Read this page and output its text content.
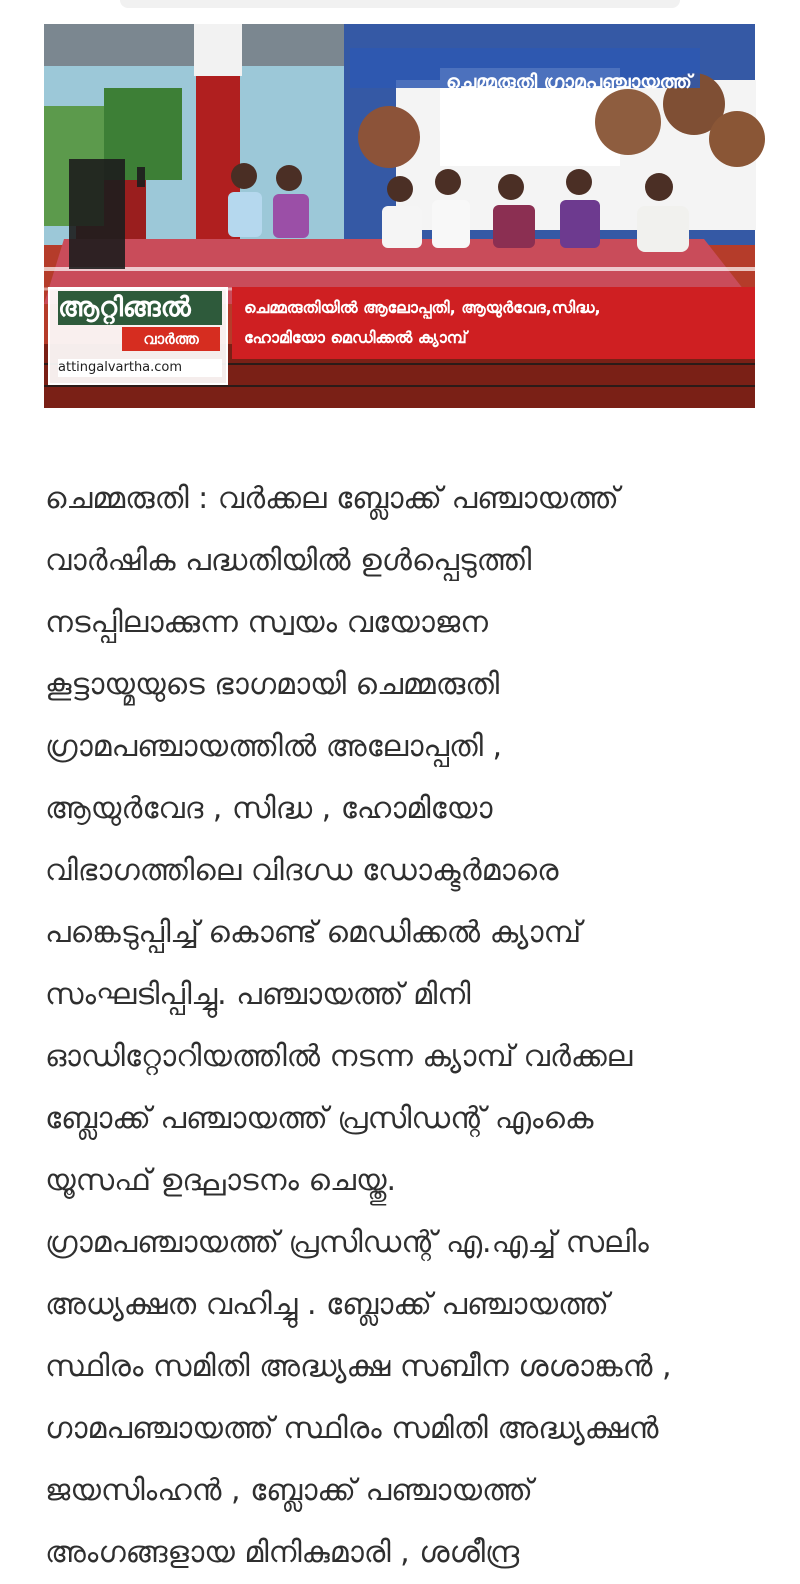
ചെമ്മരുതി ഗ്രാമപഞ്ചായത്ത്
ആറ്റിങ്ങൽ
വാർത്ത
attingalvartha.com
ചെമ്മരുതിയിൽ ആലോപ്പതി, ആയുർവേദ,സിദ്ധ,
ഹോമിയോ മെഡിക്കൽ ക്യാമ്പ്
ചെമ്മരുതി : വർക്കല ബ്ലോക്ക് പഞ്ചായത്ത്
വാർഷിക പദ്ധതിയിൽ ഉൾപ്പെടുത്തി
നടപ്പിലാക്കുന്ന സ്വയം വയോജന
കൂട്ടായ്മയുടെ ഭാഗമായി ചെമ്മരുതി
ഗ്രാമപഞ്ചായത്തിൽ അലോപ്പതി ,
ആയുർവേദ , സിദ്ധ , ഹോമിയോ
വിഭാഗത്തിലെ വിദഗ്ധ ഡോക്ടർമാരെ
പങ്കെടുപ്പിച്ച് കൊണ്ട് മെഡിക്കൽ ക്യാമ്പ്
സംഘടിപ്പിച്ചു. പഞ്ചായത്ത് മിനി
ഓഡിറ്റോറിയത്തിൽ നടന്ന ക്യാമ്പ് വർക്കല
ബ്ലോക്ക് പഞ്ചായത്ത് പ്രസിഡന്റ് എംകെ
യൂസഫ് ഉദ്ഘാടനം ചെയ്തു.
ഗ്രാമപഞ്ചായത്ത് പ്രസിഡന്റ് എ.എച്ച് സലിം
അധ്യക്ഷത വഹിച്ചു . ബ്ലോക്ക് പഞ്ചായത്ത്
സ്ഥിരം സമിതി അദ്ധ്യക്ഷ സബീന ശശാങ്കൻ ,
ഗാമപഞ്ചായത്ത് സ്ഥിരം സമിതി അദ്ധ്യക്ഷൻ
ജയസിംഹൻ , ബ്ലോക്ക് പഞ്ചായത്ത്
അംഗങ്ങളായ മിനികുമാരി , ശശീന്ദ്ര
